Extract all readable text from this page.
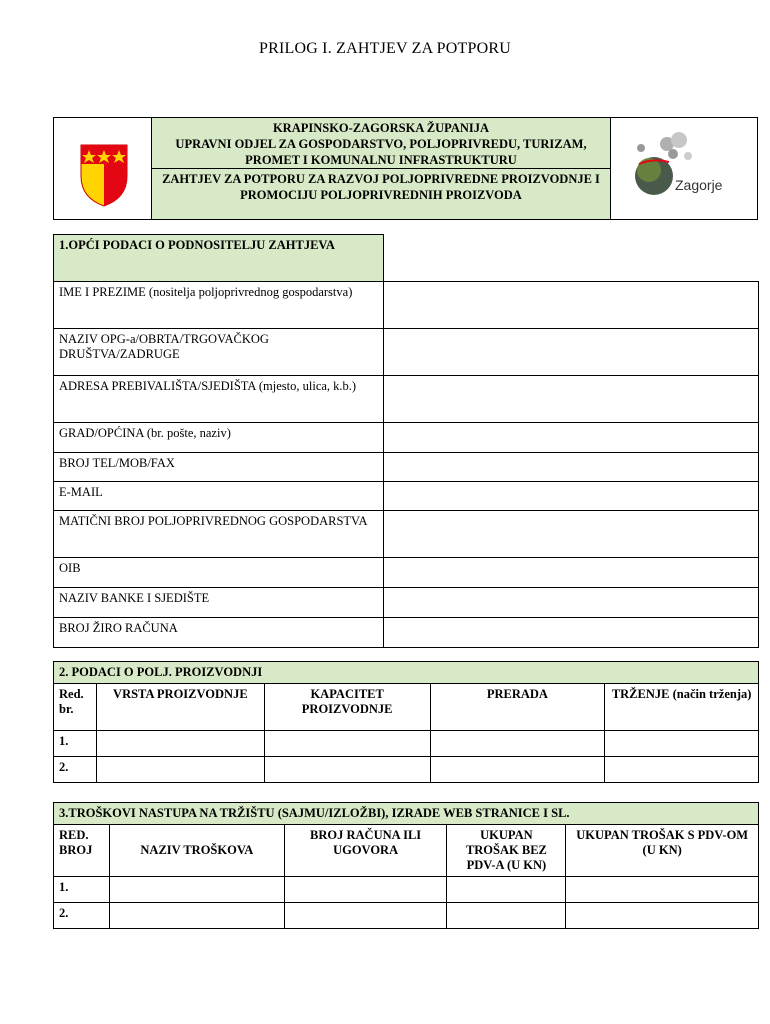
PRILOG I. ZAHTJEV ZA POTPORU
KRAPINSKO-ZAGORSKA ŽUPANIJA
UPRAVNI ODJEL ZA GOSPODARSTVO, POLJOPRIVREDU, TURIZAM, PROMET I KOMUNALNU INFRASTRUKTURU
ZAHTJEV ZA POTPORU ZA RAZVOJ POLJOPRIVREDNE PROIZVODNJE I PROMOCIJU POLJOPRIVREDNIH PROIZVODA
Zagorje
1.OPĆI PODACI O PODNOSITELJU ZAHTJEVA	
IME I PREZIME (nositelja poljoprivrednog gospodarstva)	
NAZIV OPG-a/OBRTA/TRGOVAČKOG DRUŠTVA/ZADRUGE	
ADRESA PREBIVALIŠTA/SJEDIŠTA (mjesto, ulica, k.b.)	
GRAD/OPĆINA (br. pošte, naziv)	
BROJ TEL/MOB/FAX	
E-MAIL	
MATIČNI BROJ POLJOPRIVREDNOG GOSPODARSTVA	
OIB	
NAZIV BANKE I SJEDIŠTE	
BROJ ŽIRO RAČUNA	
2. PODACI O POLJ. PROIZVODNJI				
Red. br.	VRSTA PROIZVODNJE	KAPACITET PROIZVODNJE	PRERADA	TRŽENJE (način trženja)
1.				
2.				
3.TROŠKOVI NASTUPA NA TRŽIŠTU (SAJMU/IZLOŽBI), IZRADE WEB STRANICE I SL.				
RED. BROJ	NAZIV TROŠKOVA	BROJ RAČUNA ILI UGOVORA	UKUPAN TROŠAK BEZ PDV-A (U KN)	UKUPAN TROŠAK S PDV-OM (U KN)
1.				
2.				
